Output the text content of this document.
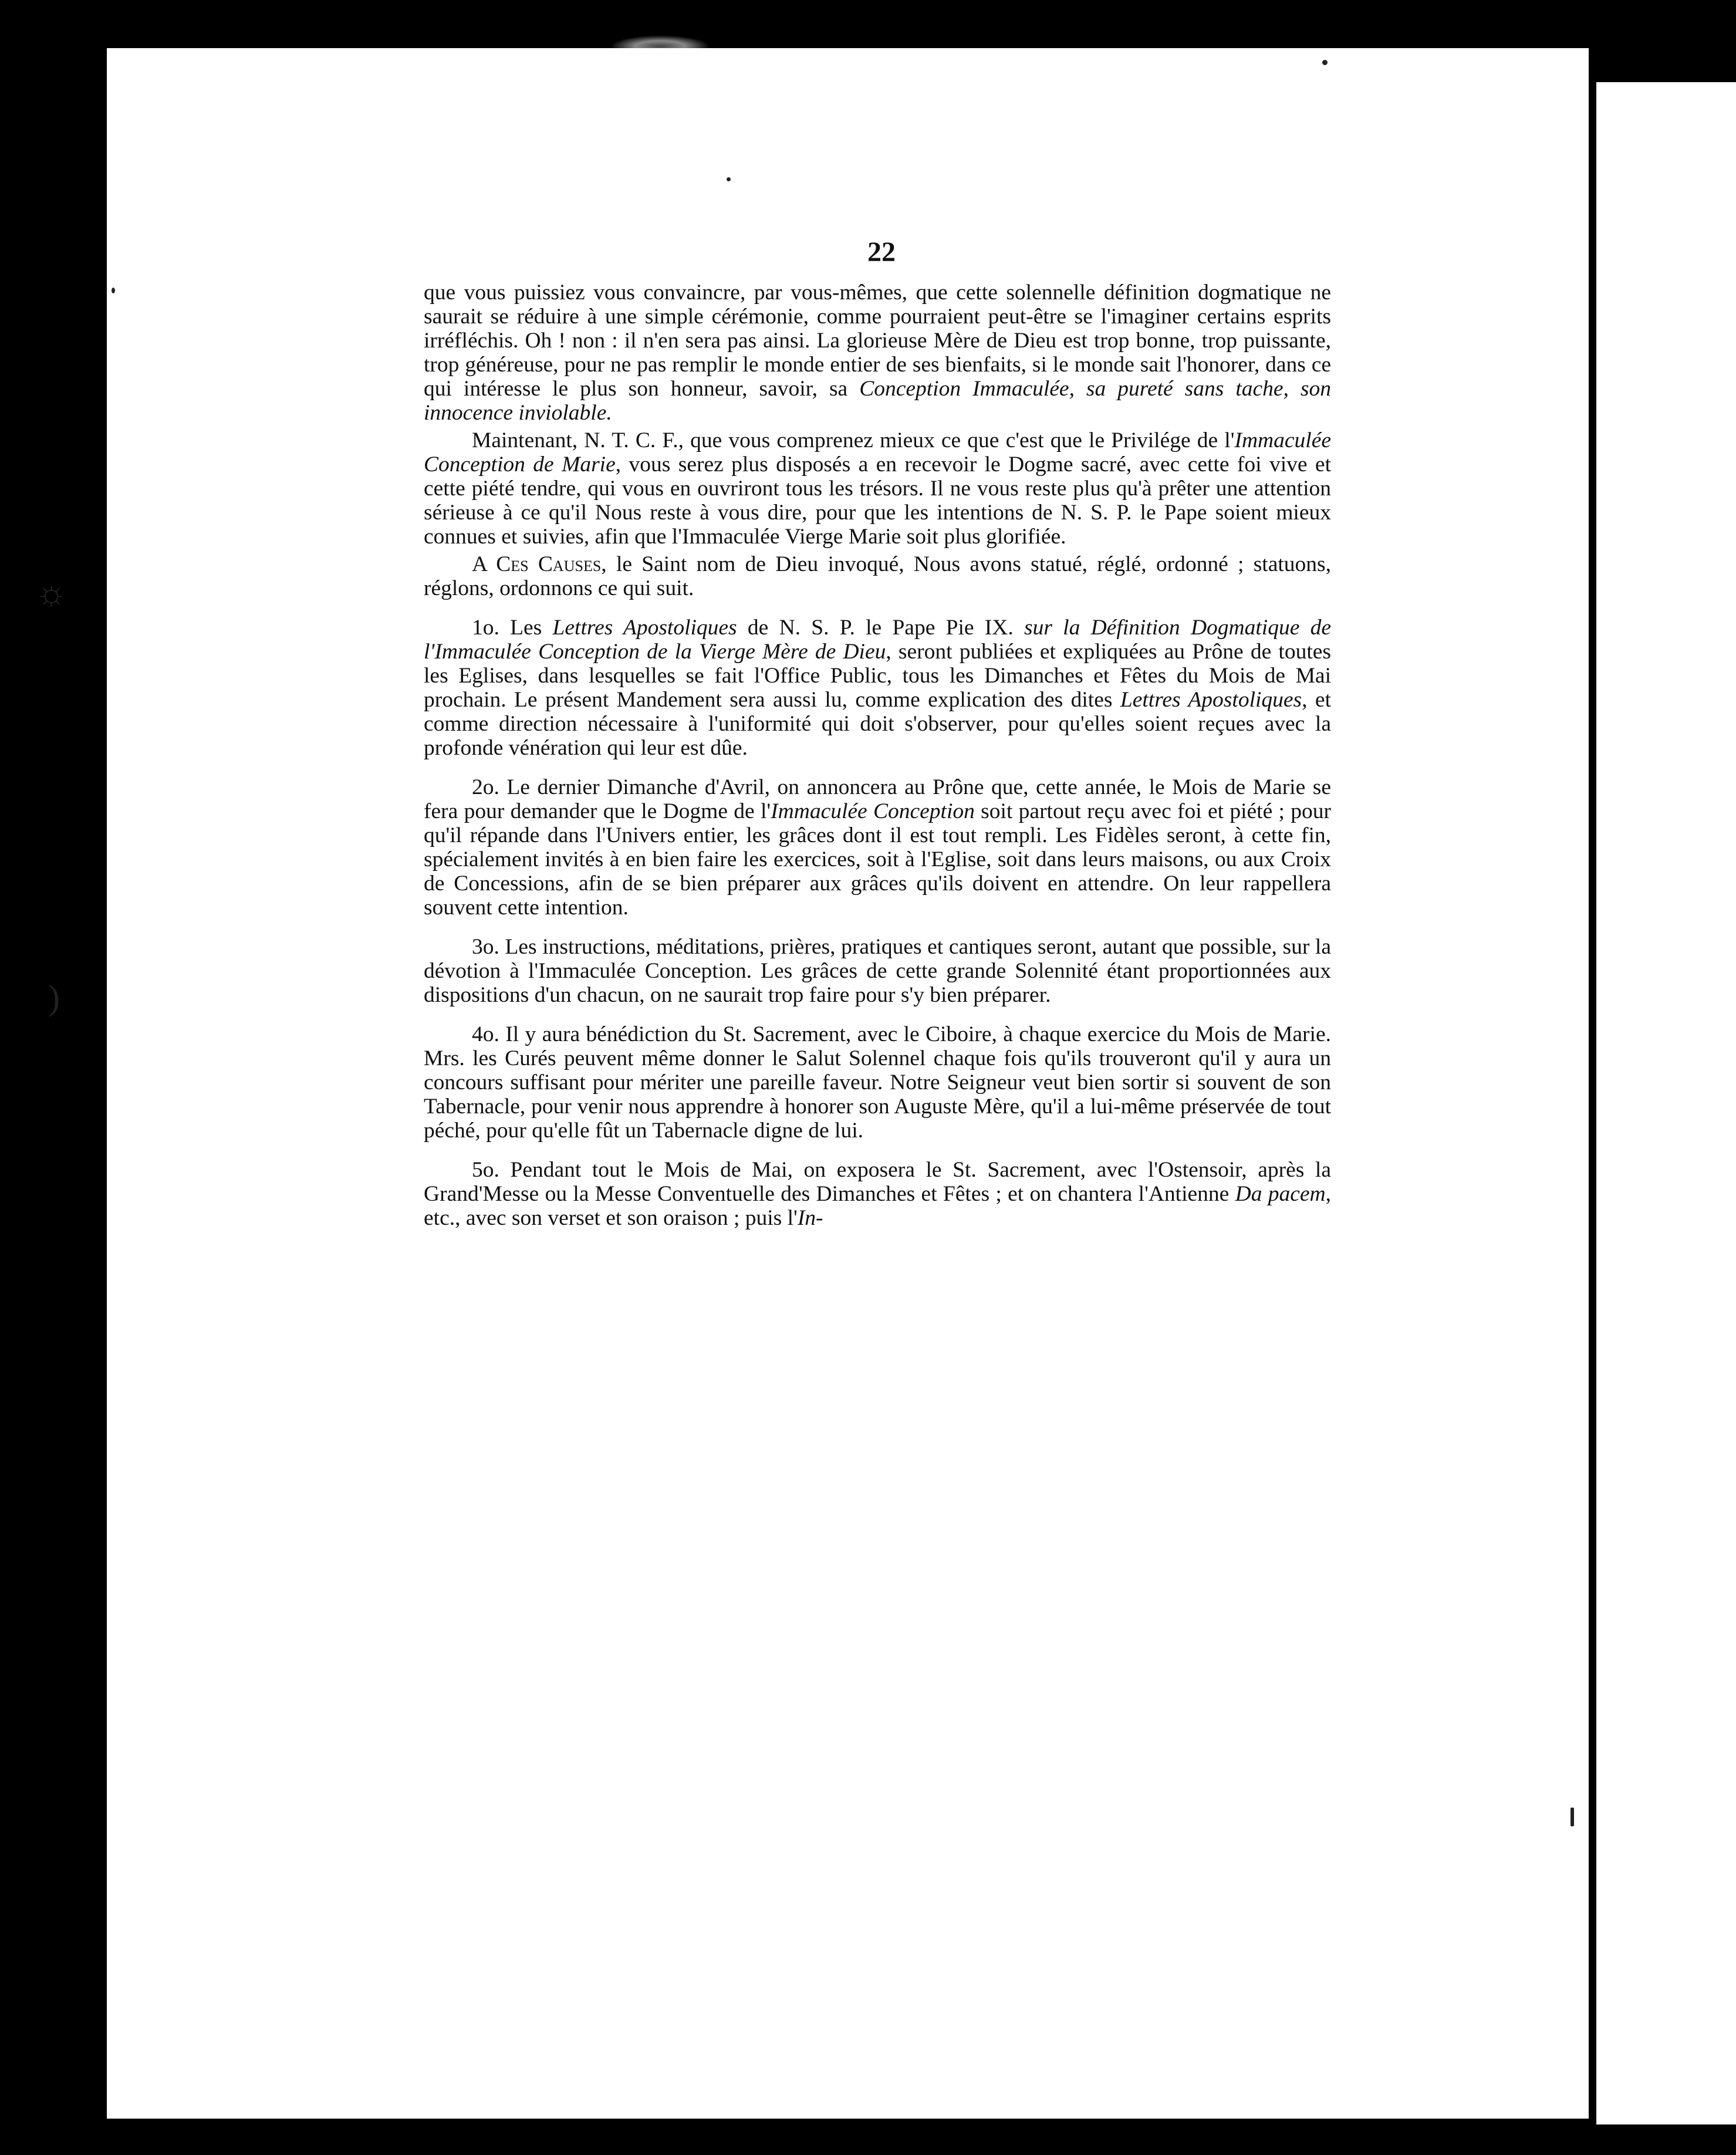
☼
)
22

que vous puissiez vous convaincre, par vous-mêmes, que cette solennelle définition dogmatique ne saurait se réduire à une simple cérémonie, comme pourraient peut-être se l'imaginer certains esprits irréfléchis. Oh ! non : il n'en sera pas ainsi. La glorieuse Mère de Dieu est trop bonne, trop puissante, trop généreuse, pour ne pas remplir le monde entier de ses bienfaits, si le monde sait l'honorer, dans ce qui intéresse le plus son honneur, savoir, sa Conception Immaculée, sa pureté sans tache, son innocence inviolable.

Maintenant, N. T. C. F., que vous comprenez mieux ce que c'est que le Privilége de l'Immaculée Conception de Marie, vous serez plus disposés a en recevoir le Dogme sacré, avec cette foi vive et cette piété tendre, qui vous en ouvriront tous les trésors. Il ne vous reste plus qu'à prêter une attention sérieuse à ce qu'il Nous reste à vous dire, pour que les intentions de N. S. P. le Pape soient mieux connues et suivies, afin que l'Immaculée Vierge Marie soit plus glorifiée.

A Ces Causes, le Saint nom de Dieu invoqué, Nous avons statué, réglé, ordonné ; statuons, réglons, ordonnons ce qui suit.

1o. Les Lettres Apostoliques de N. S. P. le Pape Pie IX. sur la Définition Dogmatique de l'Immaculée Conception de la Vierge Mère de Dieu, seront publiées et expliquées au Prône de toutes les Eglises, dans lesquelles se fait l'Office Public, tous les Dimanches et Fêtes du Mois de Mai prochain. Le présent Mandement sera aussi lu, comme explication des dites Lettres Apostoliques, et comme direction nécessaire à l'uniformité qui doit s'observer, pour qu'elles soient reçues avec la profonde vénération qui leur est dûe.

2o. Le dernier Dimanche d'Avril, on annoncera au Prône que, cette année, le Mois de Marie se fera pour demander que le Dogme de l'Immaculée Conception soit partout reçu avec foi et piété ; pour qu'il répande dans l'Univers entier, les grâces dont il est tout rempli. Les Fidèles seront, à cette fin, spécialement invités à en bien faire les exercices, soit à l'Eglise, soit dans leurs maisons, ou aux Croix de Concessions, afin de se bien préparer aux grâces qu'ils doivent en attendre. On leur rappellera souvent cette intention.

3o. Les instructions, méditations, prières, pratiques et cantiques seront, autant que possible, sur la dévotion à l'Immaculée Conception. Les grâces de cette grande Solennité étant proportionnées aux dispositions d'un chacun, on ne saurait trop faire pour s'y bien préparer.

4o. Il y aura bénédiction du St. Sacrement, avec le Ciboire, à chaque exercice du Mois de Marie. Mrs. les Curés peuvent même donner le Salut Solennel chaque fois qu'ils trouveront qu'il y aura un concours suffisant pour mériter une pareille faveur. Notre Seigneur veut bien sortir si souvent de son Tabernacle, pour venir nous apprendre à honorer son Auguste Mère, qu'il a lui-même préservée de tout péché, pour qu'elle fût un Tabernacle digne de lui.

5o. Pendant tout le Mois de Mai, on exposera le St. Sacrement, avec l'Ostensoir, après la Grand'Messe ou la Messe Conventuelle des Dimanches et Fêtes ; et on chantera l'Antienne Da pacem, etc., avec son verset et son oraison ; puis l'In-
